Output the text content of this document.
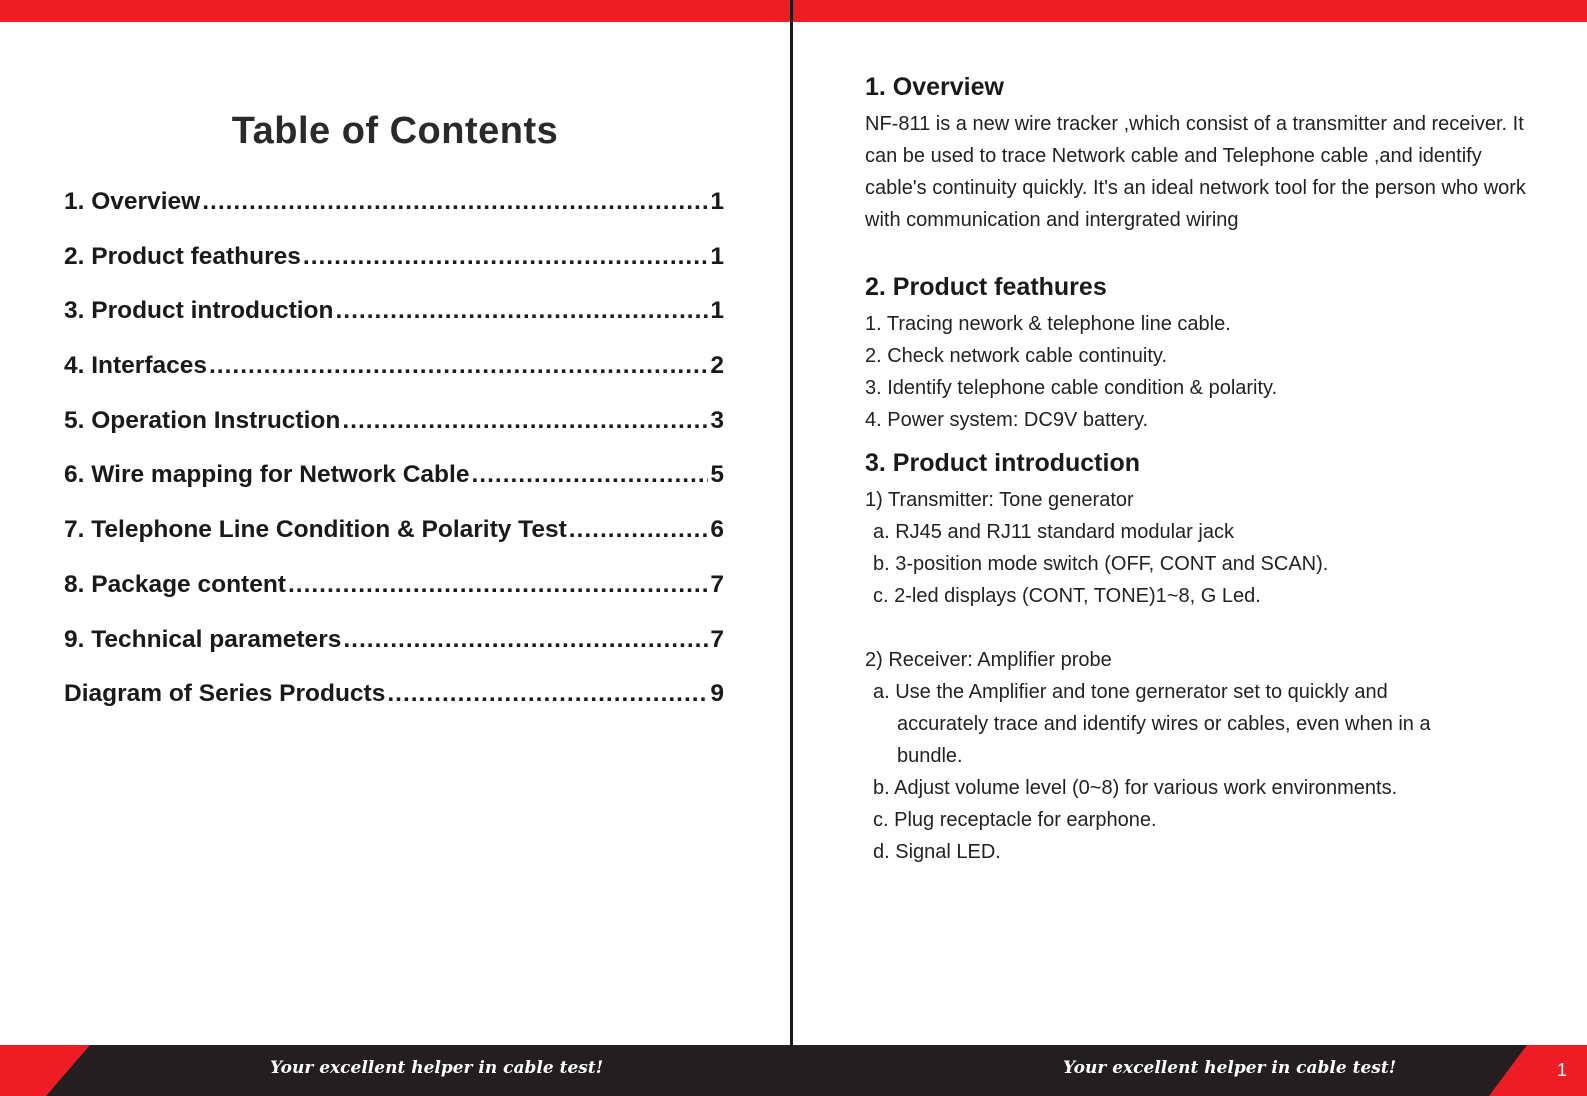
Table of Contents
1. Overview .....	1
2. Product feathures .....	1
3. Product introduction .....	1
4. Interfaces .....	2
5. Operation Instruction .....	3
6. Wire mapping for Network Cable .....	5
7. Telephone Line Condition & Polarity Test .....	6
8. Package content .....	7
9. Technical parameters .....	7
Diagram of Series Products .....	9
1. Overview

NF-811 is a new wire tracker ,which consist of a transmitter and receiver. It can be used to trace Network cable and Telephone cable ,and identify cable's continuity quickly. It's an ideal network tool for the person who work with communication and intergrated wiring

2. Product feathures
1. Tracing nework & telephone line cable.
2. Check network cable continuity.
3. Identify telephone cable condition & polarity.
4. Power system: DC9V battery.
3. Product introduction
1) Transmitter: Tone generator
a. RJ45 and RJ11 standard modular jack
b. 3-position mode switch (OFF, CONT and SCAN).
c. 2-led displays (CONT, TONE)1~8, G Led.
2) Receiver: Amplifier probe
a. Use the Amplifier and tone gernerator set to quickly and
accurately trace and identify wires or cables, even when in a
bundle.
b. Adjust volume level (0~8) for various work environments.
c. Plug receptacle for earphone.
d. Signal LED.
Your excellent helper in cable test!	Your excellent helper in cable test!	1
